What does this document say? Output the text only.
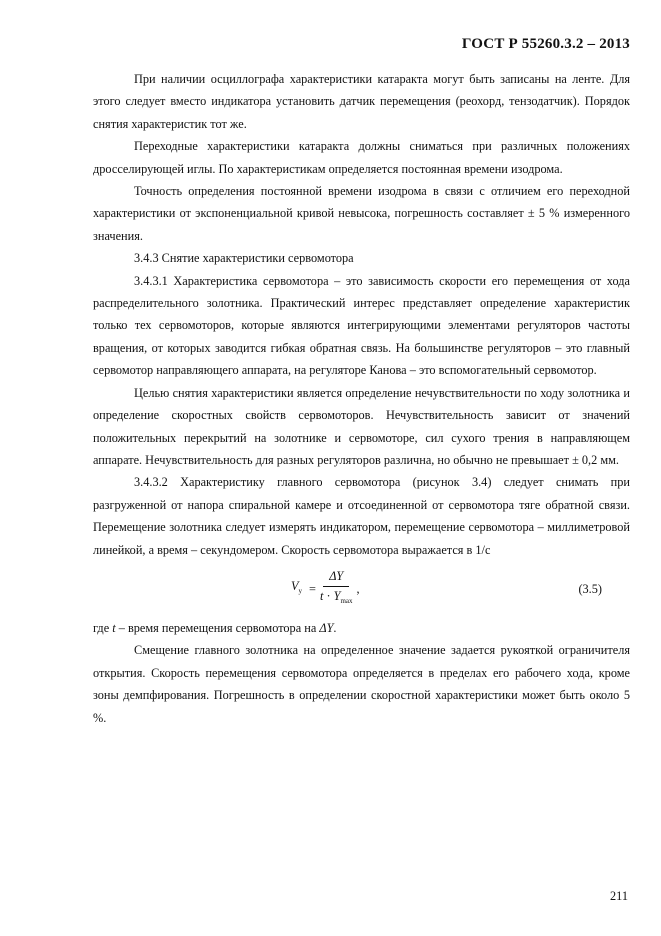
ГОСТ Р 55260.3.2 – 2013

При наличии осциллографа характеристики катаракта могут быть записаны на ленте. Для этого следует вместо индикатора установить датчик перемещения (реохорд, тензодатчик). Порядок снятия характеристик тот же.

Переходные характеристики катаракта должны сниматься при различных положениях дросселирующей иглы. По характеристикам определяется постоянная времени изодрома.

Точность определения постоянной времени изодрома в связи с отличием его переходной характеристики от экспоненциальной кривой невысока, погрешность составляет ± 5 % измеренного значения.

3.4.3 Снятие характеристики сервомотора

3.4.3.1 Характеристика сервомотора – это зависимость скорости его перемещения от хода распределительного золотника. Практический интерес представляет определение характеристик только тех сервомоторов, которые являются интегрирующими элементами регуляторов частоты вращения, от которых заводится гибкая обратная связь. На большинстве регуляторов – это главный сервомотор направляющего аппарата, на регуляторе Канова – это вспомогательный сервомотор.

Целью снятия характеристики является определение нечувствительности по ходу золотника и определение скоростных свойств сервомоторов. Нечувствительность зависит от значений положительных перекрытий на золотнике и сервомоторе, сил сухого трения в направляющем аппарате. Нечувствительность для разных регуляторов различна, но обычно не превышает ± 0,2 мм.

3.4.3.2 Характеристику главного сервомотора (рисунок 3.4) следует снимать при разгруженной от напора спиральной камере и отсоединенной от сервомотора тяге обратной связи. Перемещение золотника следует измерять индикатором, перемещение сервомотора – миллиметровой линейкой, а время – секундомером. Скорость сервомотора выражается в 1/с

$V_у = \frac{\Delta Y}{t \cdot Y_{max}}$ ,	(3.5)

где t – время перемещения сервомотора на ΔY.

Смещение главного золотника на определенное значение задается рукояткой ограничителя открытия. Скорость перемещения сервомотора определяется в пределах его рабочего хода, кроме зоны демпфирования. Погрешность в определении скоростной характеристики может быть около 5 %.

211
